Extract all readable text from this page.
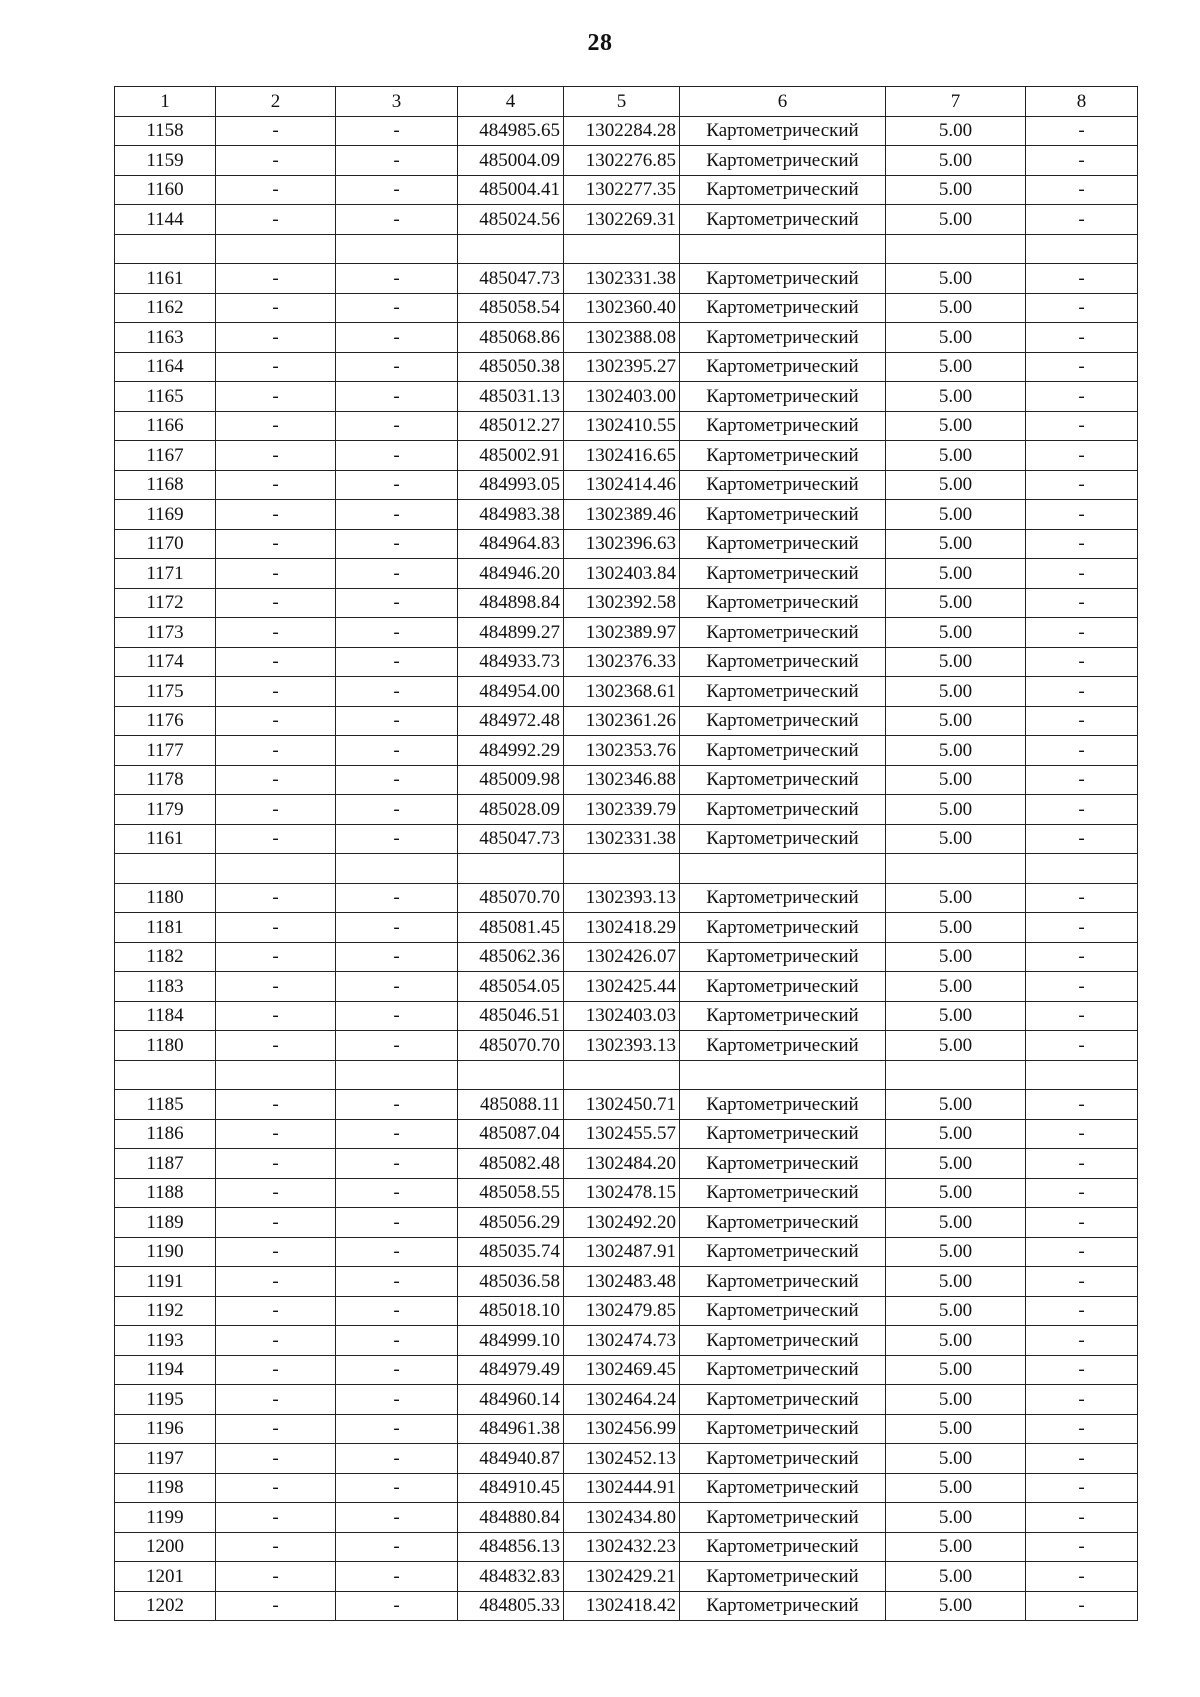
28
1	2	3	4	5	6	7	8
1158	-	-	484985.65	1302284.28	Картометрический	5.00	-
1159	-	-	485004.09	1302276.85	Картометрический	5.00	-
1160	-	-	485004.41	1302277.35	Картометрический	5.00	-
1144	-	-	485024.56	1302269.31	Картометрический	5.00	-

1161	-	-	485047.73	1302331.38	Картометрический	5.00	-
1162	-	-	485058.54	1302360.40	Картометрический	5.00	-
1163	-	-	485068.86	1302388.08	Картометрический	5.00	-
1164	-	-	485050.38	1302395.27	Картометрический	5.00	-
1165	-	-	485031.13	1302403.00	Картометрический	5.00	-
1166	-	-	485012.27	1302410.55	Картометрический	5.00	-
1167	-	-	485002.91	1302416.65	Картометрический	5.00	-
1168	-	-	484993.05	1302414.46	Картометрический	5.00	-
1169	-	-	484983.38	1302389.46	Картометрический	5.00	-
1170	-	-	484964.83	1302396.63	Картометрический	5.00	-
1171	-	-	484946.20	1302403.84	Картометрический	5.00	-
1172	-	-	484898.84	1302392.58	Картометрический	5.00	-
1173	-	-	484899.27	1302389.97	Картометрический	5.00	-
1174	-	-	484933.73	1302376.33	Картометрический	5.00	-
1175	-	-	484954.00	1302368.61	Картометрический	5.00	-
1176	-	-	484972.48	1302361.26	Картометрический	5.00	-
1177	-	-	484992.29	1302353.76	Картометрический	5.00	-
1178	-	-	485009.98	1302346.88	Картометрический	5.00	-
1179	-	-	485028.09	1302339.79	Картометрический	5.00	-
1161	-	-	485047.73	1302331.38	Картометрический	5.00	-

1180	-	-	485070.70	1302393.13	Картометрический	5.00	-
1181	-	-	485081.45	1302418.29	Картометрический	5.00	-
1182	-	-	485062.36	1302426.07	Картометрический	5.00	-
1183	-	-	485054.05	1302425.44	Картометрический	5.00	-
1184	-	-	485046.51	1302403.03	Картометрический	5.00	-
1180	-	-	485070.70	1302393.13	Картометрический	5.00	-

1185	-	-	485088.11	1302450.71	Картометрический	5.00	-
1186	-	-	485087.04	1302455.57	Картометрический	5.00	-
1187	-	-	485082.48	1302484.20	Картометрический	5.00	-
1188	-	-	485058.55	1302478.15	Картометрический	5.00	-
1189	-	-	485056.29	1302492.20	Картометрический	5.00	-
1190	-	-	485035.74	1302487.91	Картометрический	5.00	-
1191	-	-	485036.58	1302483.48	Картометрический	5.00	-
1192	-	-	485018.10	1302479.85	Картометрический	5.00	-
1193	-	-	484999.10	1302474.73	Картометрический	5.00	-
1194	-	-	484979.49	1302469.45	Картометрический	5.00	-
1195	-	-	484960.14	1302464.24	Картометрический	5.00	-
1196	-	-	484961.38	1302456.99	Картометрический	5.00	-
1197	-	-	484940.87	1302452.13	Картометрический	5.00	-
1198	-	-	484910.45	1302444.91	Картометрический	5.00	-
1199	-	-	484880.84	1302434.80	Картометрический	5.00	-
1200	-	-	484856.13	1302432.23	Картометрический	5.00	-
1201	-	-	484832.83	1302429.21	Картометрический	5.00	-
1202	-	-	484805.33	1302418.42	Картометрический	5.00	-
